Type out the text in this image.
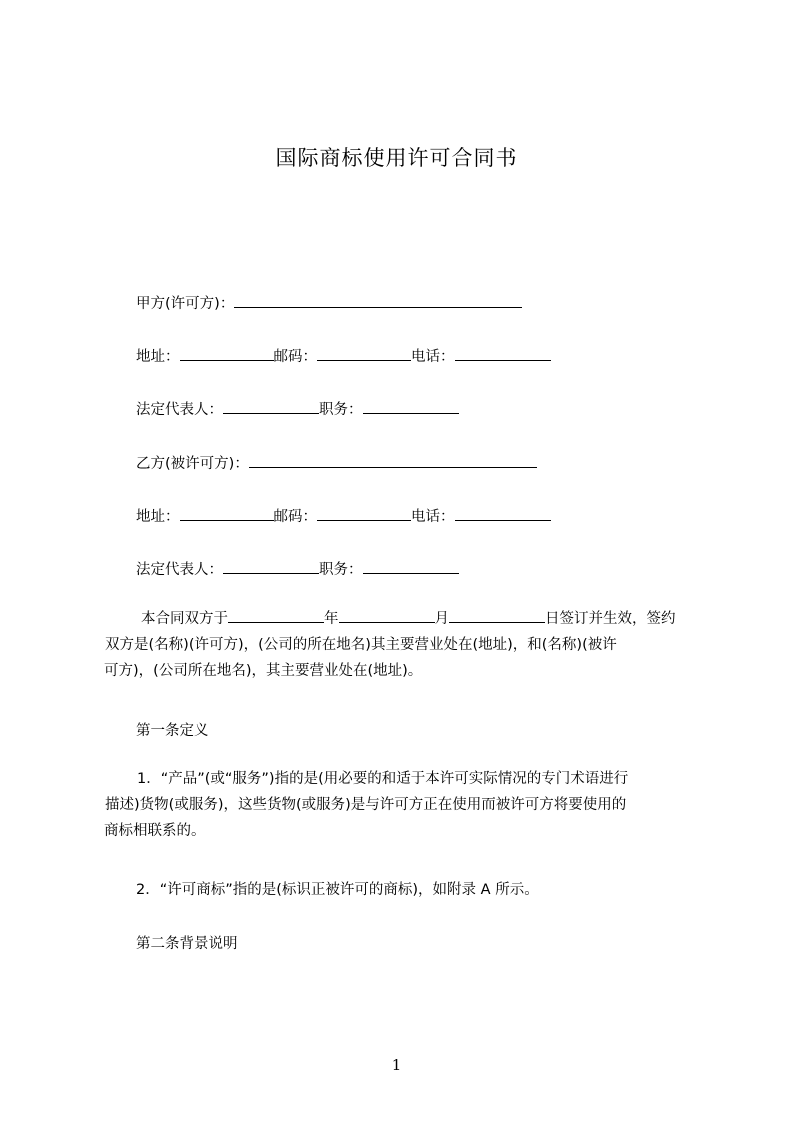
国际商标使用许可合同书
甲方(许可方)：
地址：	邮码：	电话：
法定代表人：	职务：
乙方(被许可方)：
地址：	邮码：	电话：
法定代表人：	职务：
本合同双方于	年	月	日签订并生效，签约
双方是(名称)(许可方)，(公司的所在地名)其主要营业处在(地址)，和(名称)(被许
可方)，(公司所在地名)，其主要营业处在(地址)。
第一条定义
1．“产品”(或“服务”)指的是(用必要的和适于本许可实际情况的专门术语进行
描述)货物(或服务)，这些货物(或服务)是与许可方正在使用而被许可方将要使用的
商标相联系的。
2．“许可商标”指的是(标识正被许可的商标)，如附录 A 所示。
第二条背景说明
1
